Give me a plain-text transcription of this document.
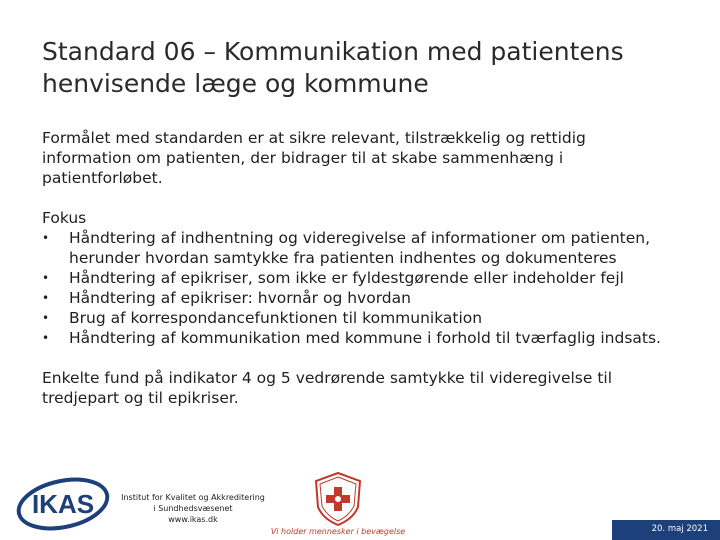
Standard 06 – Kommunikation med patientens
henvisende læge og kommune

Formålet med standarden er at sikre relevant, tilstrækkelig og rettidig
information om patienten, der bidrager til at skabe sammenhæng i
patientforløbet.

Fokus
•	Håndtering af indhentning og videregivelse af informationer om patienten,
herunder hvordan samtykke fra patienten indhentes og dokumenteres
•	Håndtering af epikriser, som ikke er fyldestgørende eller indeholder fejl
•	Håndtering af epikriser: hvornår og hvordan
•	Brug af korrespondancefunktionen til kommunikation
•	Håndtering af kommunikation med kommune i forhold til tværfaglig indsats.

Enkelte fund på indikator 4 og 5 vedrørende samtykke til videregivelse til
tredjepart og til epikriser.

IKAS	Institut for Kvalitet og Akkreditering
i Sundhedsvæsenet
www.ikas.dk
Vi holder mennesker i bevægelse	20. maj 2021
